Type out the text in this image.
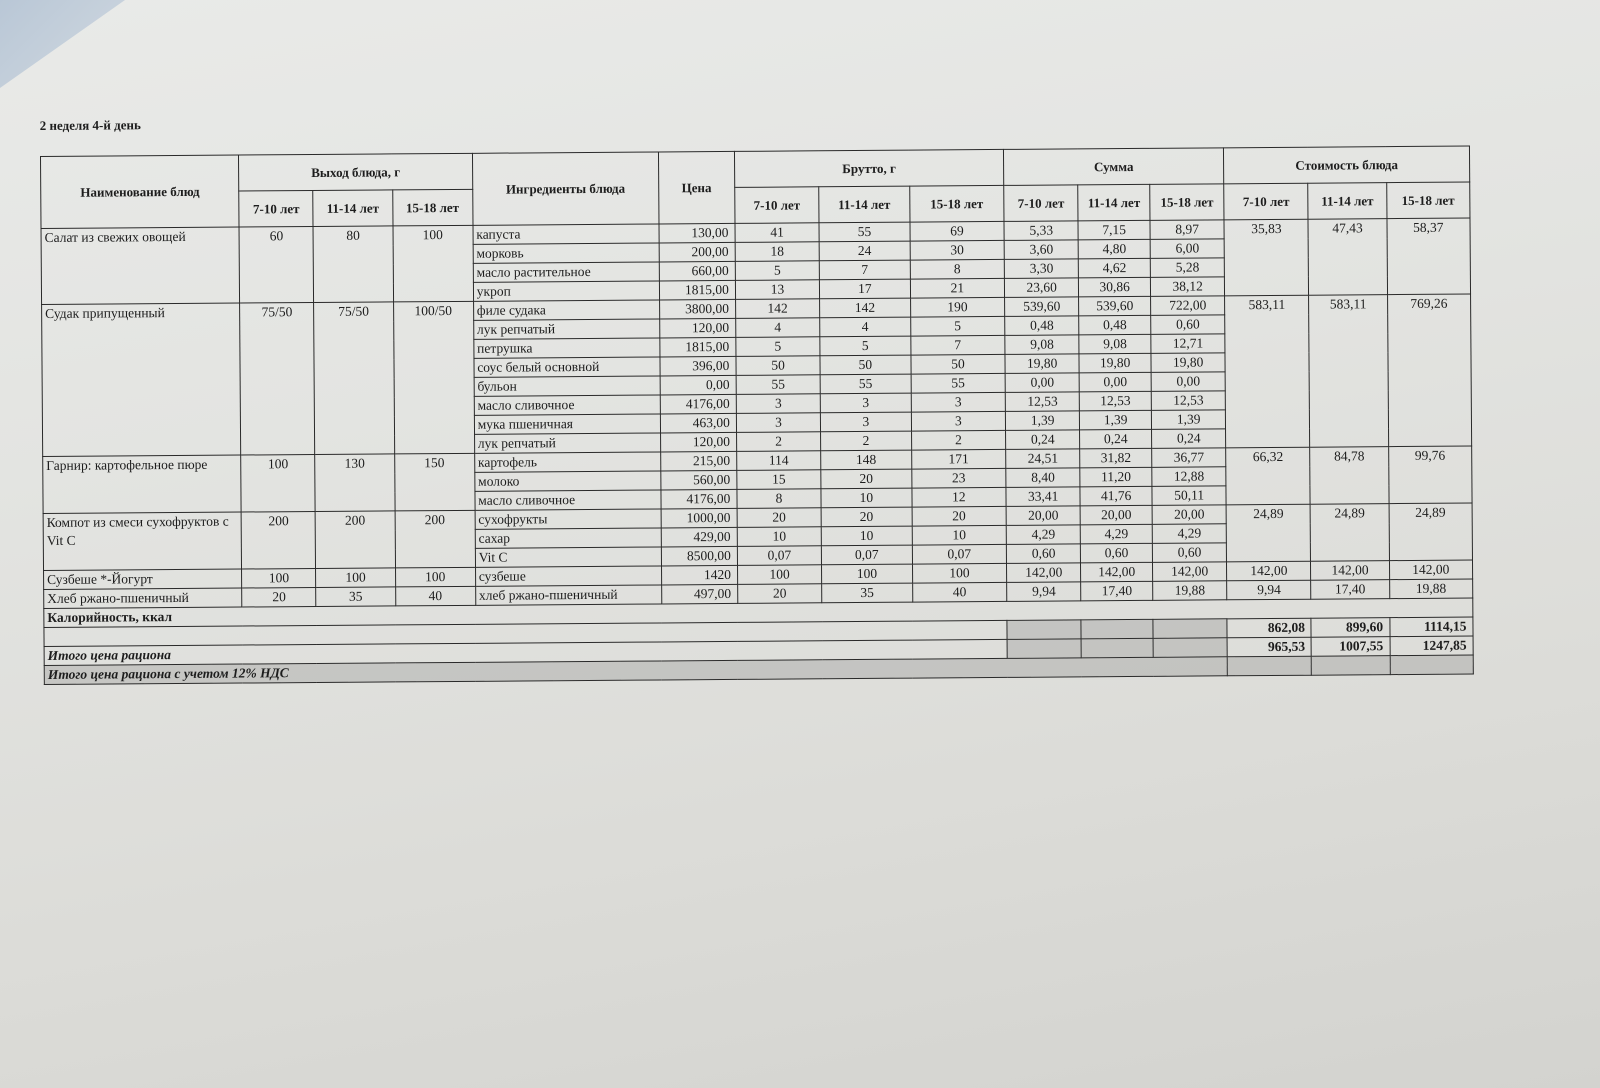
2 неделя 4-й день
Наименование блюд	Выход блюда, г			Ингредиенты блюда	Цена	Брутто, г			Сумма			Стоимость блюда		
	7-10 лет	11-14 лет	15-18 лет			7-10 лет	11-14 лет	15-18 лет	7-10 лет	11-14 лет	15-18 лет	7-10 лет	11-14 лет	15-18 лет
Салат из свежих овощей	60	80	100	капуста	130,00	41	55	69	5,33	7,15	8,97	35,83	47,43	58,37
				морковь	200,00	18	24	30	3,60	4,80	6,00			
				масло растительное	660,00	5	7	8	3,30	4,62	5,28			
				укроп	1815,00	13	17	21	23,60	30,86	38,12			
Судак припущенный	75/50	75/50	100/50	филе судака	3800,00	142	142	190	539,60	539,60	722,00	583,11	583,11	769,26
				лук репчатый	120,00	4	4	5	0,48	0,48	0,60			
				петрушка	1815,00	5	5	7	9,08	9,08	12,71			
				соус белый основной	396,00	50	50	50	19,80	19,80	19,80			
				бульон	0,00	55	55	55	0,00	0,00	0,00			
				масло сливочное	4176,00	3	3	3	12,53	12,53	12,53			
				мука пшеничная	463,00	3	3	3	1,39	1,39	1,39			
				лук репчатый	120,00	2	2	2	0,24	0,24	0,24			
Гарнир: картофельное пюре	100	130	150	картофель	215,00	114	148	171	24,51	31,82	36,77	66,32	84,78	99,76
				молоко	560,00	15	20	23	8,40	11,20	12,88			
				масло сливочное	4176,00	8	10	12	33,41	41,76	50,11			
Компот из смеси сухофруктов с Vit C	200	200	200	сухофрукты	1000,00	20	20	20	20,00	20,00	20,00	24,89	24,89	24,89
				сахар	429,00	10	10	10	4,29	4,29	4,29			
				Vit C	8500,00	0,07	0,07	0,07	0,60	0,60	0,60			
Сузбеше *-Йогурт	100	100	100	сузбеше	1420	100	100	100	142,00	142,00	142,00	142,00	142,00	142,00
Хлеб ржано-пшеничный	20	35	40	хлеб ржано-пшеничный	497,00	20	35	40	9,94	17,40	19,88	9,94	17,40	19,88
Калорийность, ккал														
												862,08	899,60	1114,15
Итого цена рациона												965,53	1007,55	1247,85
Итого цена рациона с учетом 12% НДС														
